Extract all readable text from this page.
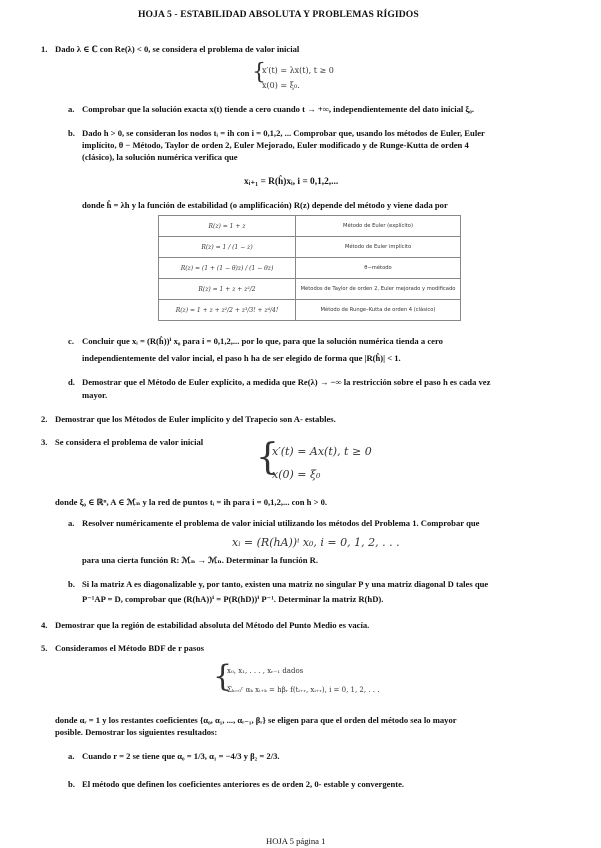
HOJA 5 - ESTABILIDAD ABSOLUTA Y PROBLEMAS RÍGIDOS
1. Dado λ ∈ ℂ con Re(λ) < 0, se considera el problema de valor inicial
{
x′(t) = λx(t), t ≥ 0
x(0) = ξ₀.
a. Comprobar que la solución exacta x(t) tiende a cero cuando t → +∞, independientemente del dato inicial ξ₀.
b. Dado h > 0, se consideran los nodos tᵢ = ih con i = 0,1,2, ... Comprobar que, usando los métodos de Euler, Euler
implícito, θ − Método, Taylor de orden 2, Euler Mejorado, Euler modificado y de Runge-Kutta de orden 4
(clásico), la solución numérica verifica que
xᵢ₊₁ = R(ĥ)xᵢ, i = 0,1,2,...
donde ĥ = λh y la función de estabilidad (o amplificación) R(z) depende del método y viene dada por
R(z) = 1 + z	Método de Euler (explícito)
R(z) = 1 / (1 − z)	Método de Euler implícito
R(z) = (1 + (1 − θ)z) / (1 − θz)	θ−método
R(z) = 1 + z + z²/2	Métodos de Taylor de orden 2, Euler mejorado y modificado
R(z) = 1 + z + z²/2 + z³/3! + z⁴/4!	Método de Runge–Kutta de orden 4 (clásico)
c. Concluir que xᵢ = (R(ĥ))ⁱ x₀ para i = 0,1,2,... por lo que, para que la solución numérica tienda a cero
independientemente del valor incial, el paso h ha de ser elegido de forma que |R(ĥ)| < 1.
d. Demostrar que el Método de Euler explícito, a medida que Re(λ) → −∞ la restricción sobre el paso h es cada vez
mayor.
2. Demostrar que los Métodos de Euler implícito y del Trapecio son A- estables.
3. Se considera el problema de valor inicial {
x′(t) = Ax(t), t ≥ 0
x(0) = ξ₀
donde ξ₀ ∈ ℝⁿ, A ∈ ℳₙ y la red de puntos tᵢ = ih para i = 0,1,2,... con h > 0.
a. Resolver numéricamente el problema de valor inicial utilizando los métodos del Problema 1. Comprobar que
xᵢ = (R(hA))ⁱ x₀, i = 0, 1, 2, . . .
para una cierta función R: ℳₙ → ℳₙ. Determinar la función R.
b. Si la matriz A es diagonalizable y, por tanto, existen una matriz no singular P y una matriz diagonal D tales que
P⁻¹AP = D, comprobar que (R(hA))ⁱ = P(R(hD))ⁱ P⁻¹. Determinar la matriz R(hD).
4. Demostrar que la región de estabilidad absoluta del Método del Punto Medio es vacía.
5. Consideramos el Método BDF de r pasos
{
x₀, x₁, . . . , xᵣ₋₁ dados
Σₖ₌₀ʳ αₖ xᵢ₊ₖ = hβᵣ f(tᵢ₊ᵣ, xᵢ₊ᵣ), i = 0, 1, 2, . . .
donde αᵣ = 1 y los restantes coeficientes {α₀, α₁, ..., αᵣ₋₁, βᵣ} se eligen para que el orden del método sea lo mayor
posible. Demostrar los siguientes resultados:
a. Cuando r = 2 se tiene que α₀ = 1/3, α₁ = −4/3 y β₂ = 2/3.
b. El método que definen los coeficientes anteriores es de orden 2, 0- estable y convergente.
HOJA 5 página 1
